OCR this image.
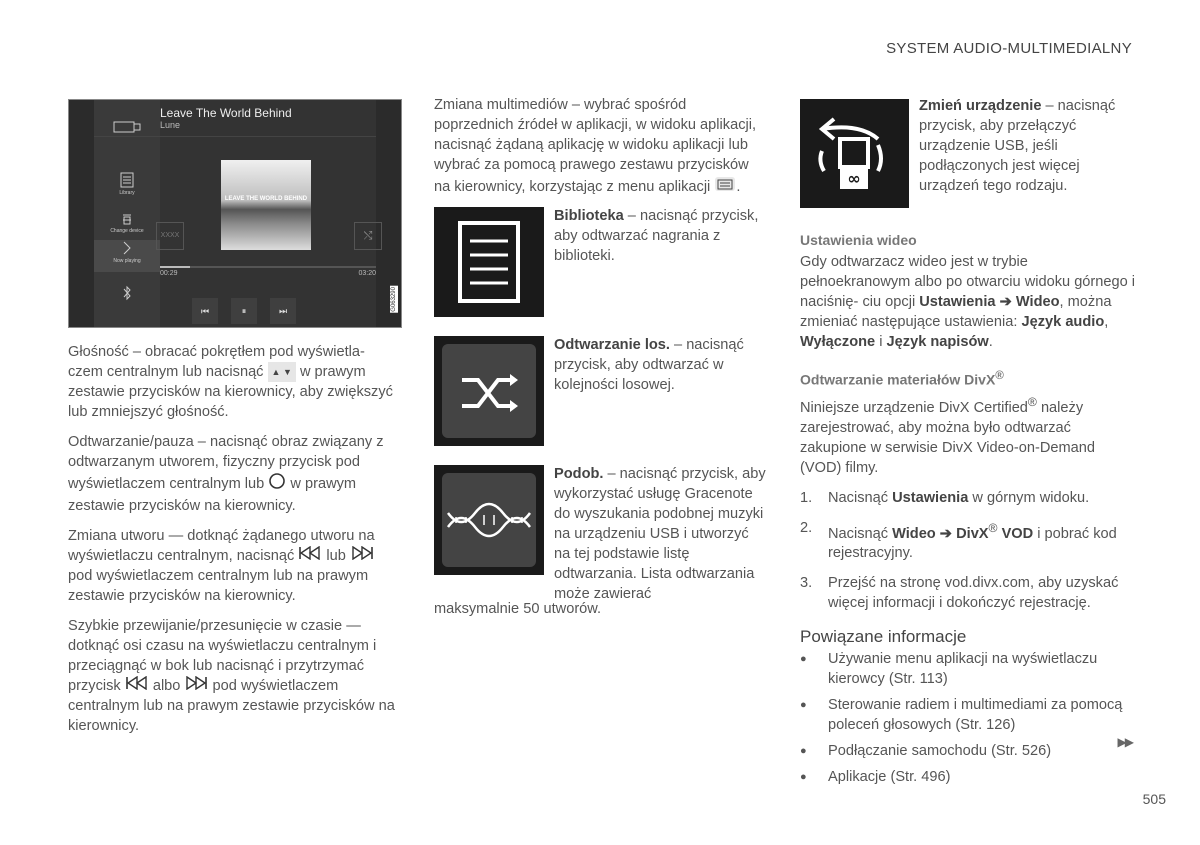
SYSTEM AUDIO-MULTIMEDIALNY
Library
Change device
Now playing
Leave The World Behind
Lune
XXXX
LEAVE THE WORLD BEHIND
⤭
00:29	03:20
⏮	⏸	⏭	G063290

Głośność – obracać pokrętłem pod wyświetla-
czem centralnym lub nacisnąć ▲ ▼ w prawym zestawie przycisków na kierownicy, aby zwiększyć lub zmniejszyć głośność.

Odtwarzanie/pauza – nacisnąć obraz związany z odtwarzanym utworem, fizyczny przycisk pod
wyświetlaczem centralnym lub w prawym zestawie przycisków na kierownicy.

Zmiana utworu — dotknąć żądanego utworu na
wyświetlaczu centralnym, nacisnąć lub
pod wyświetlaczem centralnym lub na prawym zestawie przycisków na kierownicy.

Szybkie przewijanie/przesunięcie w czasie — dotknąć osi czasu na wyświetlaczu centralnym i przeciągnąć w bok lub nacisnąć i przytrzymać
przycisk albo pod wyświetlaczem centralnym lub na prawym zestawie przycisków na kierownicy.

Zmiana multimediów – wybrać spośród poprzednich źródeł w aplikacji, w widoku aplikacji, nacisnąć żądaną aplikację w widoku aplikacji lub wybrać za pomocą prawego zestawu przycisków
na kierownicy, korzystając z menu aplikacji .

Biblioteka – nacisnąć przycisk, aby odtwarzać nagrania z biblioteki.
Odtwarzanie los. – nacisnąć przycisk, aby odtwarzać w kolejności losowej.
Podob. – nacisnąć przycisk, aby wykorzystać usługę Gracenote do wyszukania podobnej muzyki na urządzeniu USB i utworzyć na tej podstawie listę odtwarzania. Lista odtwarzania może zawierać
maksymalnie 50 utworów.
∞
Zmień urządzenie – nacisnąć przycisk, aby przełączyć urządzenie USB, jeśli podłączonych jest więcej urządzeń tego rodzaju.
Ustawienia wideo
Gdy odtwarzacz wideo jest w trybie pełnoekranowym albo po otwarciu widoku górnego i naciśnię- ciu opcji Ustawienia ➔ Wideo, można zmieniać następujące ustawienia: Język audio, Wyłączone i Język napisów.
Odtwarzanie materiałów DivX®

Niniejsze urządzenie DivX Certified® należy zarejestrować, aby można było odtwarzać zakupione w serwisie DivX Video-on-Demand (VOD) filmy.

1. Nacisnąć Ustawienia w górnym widoku.
2. Nacisnąć Wideo ➔ DivX® VOD i pobrać kod rejestracyjny.
3. Przejść na stronę vod.divx.com, aby uzyskać więcej informacji i dokończyć rejestrację.
Powiązane informacje
● Używanie menu aplikacji na wyświetlaczu kierowcy (Str. 113)
● Sterowanie radiem i multimediami za pomocą poleceń głosowych (Str. 126)
● Podłączanie samochodu (Str. 526)
● Aplikacje (Str. 496)
▶▶
505
